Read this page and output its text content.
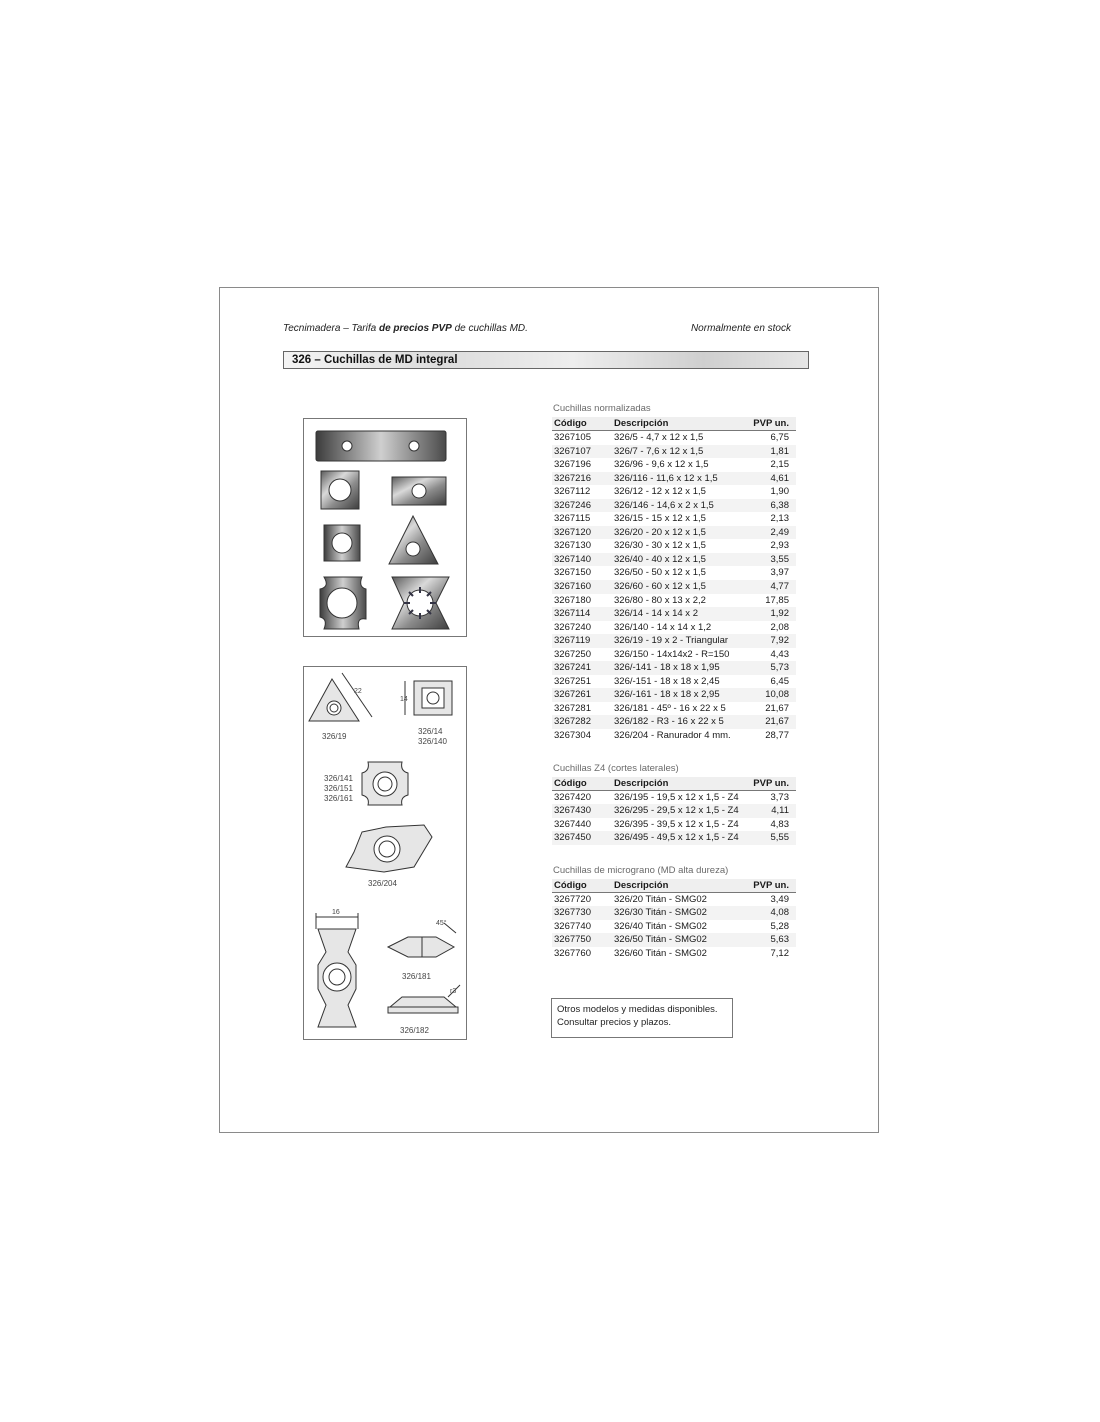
Tecnimadera – Tarifa de precios PVP de cuchillas MD.	Normalmente en stock
326 – Cuchillas de MD integral
326/19
326/14
326/140
326/141
326/151
326/161
326/204
326/181
326/182
22
14
16
45°
r3
Cuchillas normalizadas
Código	Descripción	PVP un.
3267105	326/5 - 4,7 x 12 x 1,5	6,75
3267107	326/7 - 7,6 x 12 x 1,5	1,81
3267196	326/96 - 9,6 x 12 x 1,5	2,15
3267216	326/116 - 11,6 x 12 x 1,5	4,61
3267112	326/12 - 12 x 12 x 1,5	1,90
3267246	326/146 - 14,6 x 2 x 1,5	6,38
3267115	326/15 - 15 x 12 x 1,5	2,13
3267120	326/20 - 20 x 12 x 1,5	2,49
3267130	326/30 - 30 x 12 x 1,5	2,93
3267140	326/40 - 40 x 12 x 1,5	3,55
3267150	326/50 - 50 x 12 x 1,5	3,97
3267160	326/60 - 60 x 12 x 1,5	4,77
3267180	326/80 - 80 x 13 x 2,2	17,85
3267114	326/14 - 14 x 14 x 2	1,92
3267240	326/140 - 14 x 14 x 1,2	2,08
3267119	326/19 - 19 x 2 - Triangular	7,92
3267250	326/150 - 14x14x2 - R=150	4,43
3267241	326/-141 - 18 x 18 x 1,95	5,73
3267251	326/-151 - 18 x 18 x 2,45	6,45
3267261	326/-161 - 18 x 18 x 2,95	10,08
3267281	326/181 - 45º - 16 x 22 x 5	21,67
3267282	326/182 - R3 - 16 x 22 x 5	21,67
3267304	326/204 - Ranurador 4 mm.	28,77
Cuchillas Z4 (cortes laterales)
Código	Descripción	PVP un.
3267420	326/195 - 19,5 x 12 x 1,5 - Z4	3,73
3267430	326/295 - 29,5 x 12 x 1,5 - Z4	4,11
3267440	326/395 - 39,5 x 12 x 1,5 - Z4	4,83
3267450	326/495 - 49,5 x 12 x 1,5 - Z4	5,55
Cuchillas de micrograno (MD alta dureza)
Código	Descripción	PVP un.
3267720	326/20 Titán - SMG02	3,49
3267730	326/30 Titán - SMG02	4,08
3267740	326/40 Titán - SMG02	5,28
3267750	326/50 Titán - SMG02	5,63
3267760	326/60 Titán - SMG02	7,12
Otros modelos y medidas disponibles.
Consultar precios y plazos.
